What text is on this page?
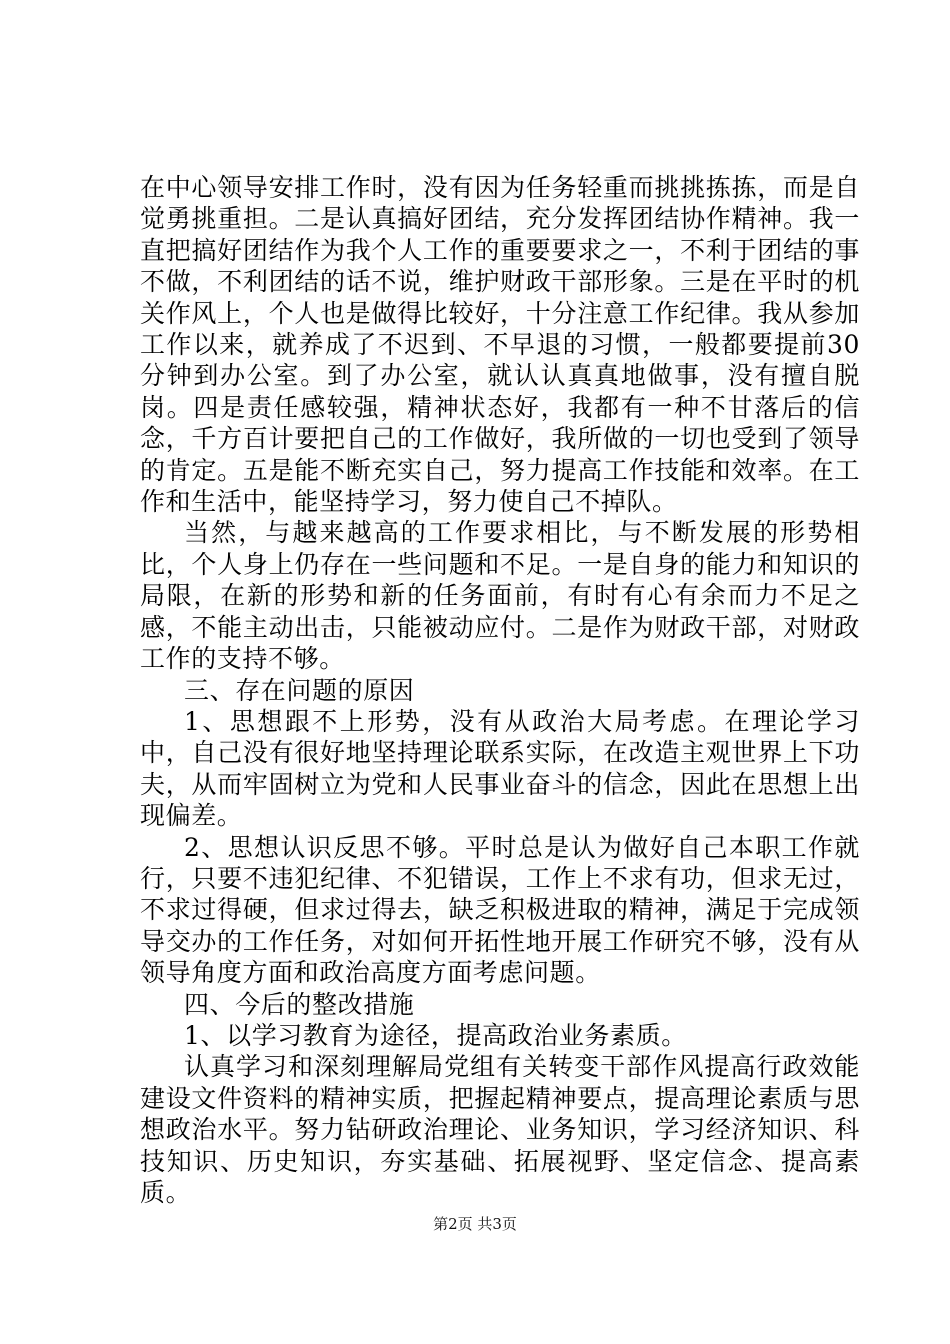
在中心领导安排工作时，没有因为任务轻重而挑挑拣拣，而是自觉勇挑重担。二是认真搞好团结，充分发挥团结协作精神。我一直把搞好团结作为我个人工作的重要要求之一，不利于团结的事不做，不利团结的话不说，维护财政干部形象。三是在平时的机关作风上，个人也是做得比较好，十分注意工作纪律。我从参加工作以来，就养成了不迟到、不早退的习惯，一般都要提前30分钟到办公室。到了办公室，就认认真真地做事，没有擅自脱岗。四是责任感较强，精神状态好，我都有一种不甘落后的信念，千方百计要把自己的工作做好，我所做的一切也受到了领导的肯定。五是能不断充实自己，努力提高工作技能和效率。在工作和生活中，能坚持学习，努力使自己不掉队。

当然，与越来越高的工作要求相比，与不断发展的形势相比，个人身上仍存在一些问题和不足。一是自身的能力和知识的局限，在新的形势和新的任务面前，有时有心有余而力不足之感，不能主动出击，只能被动应付。二是作为财政干部，对财政工作的支持不够。

三、存在问题的原因

1、思想跟不上形势，没有从政治大局考虑。在理论学习中，自己没有很好地坚持理论联系实际，在改造主观世界上下功夫，从而牢固树立为党和人民事业奋斗的信念，因此在思想上出现偏差。

2、思想认识反思不够。平时总是认为做好自己本职工作就行，只要不违犯纪律、不犯错误，工作上不求有功，但求无过，不求过得硬，但求过得去，缺乏积极进取的精神，满足于完成领导交办的工作任务，对如何开拓性地开展工作研究不够，没有从领导角度方面和政治高度方面考虑问题。

四、今后的整改措施

1、以学习教育为途径，提高政治业务素质。

认真学习和深刻理解局党组有关转变干部作风提高行政效能建设文件资料的精神实质，把握起精神要点，提高理论素质与思想政治水平。努力钻研政治理论、业务知识，学习经济知识、科技知识、历史知识，夯实基础、拓展视野、坚定信念、提高素质。

第2页 共3页
